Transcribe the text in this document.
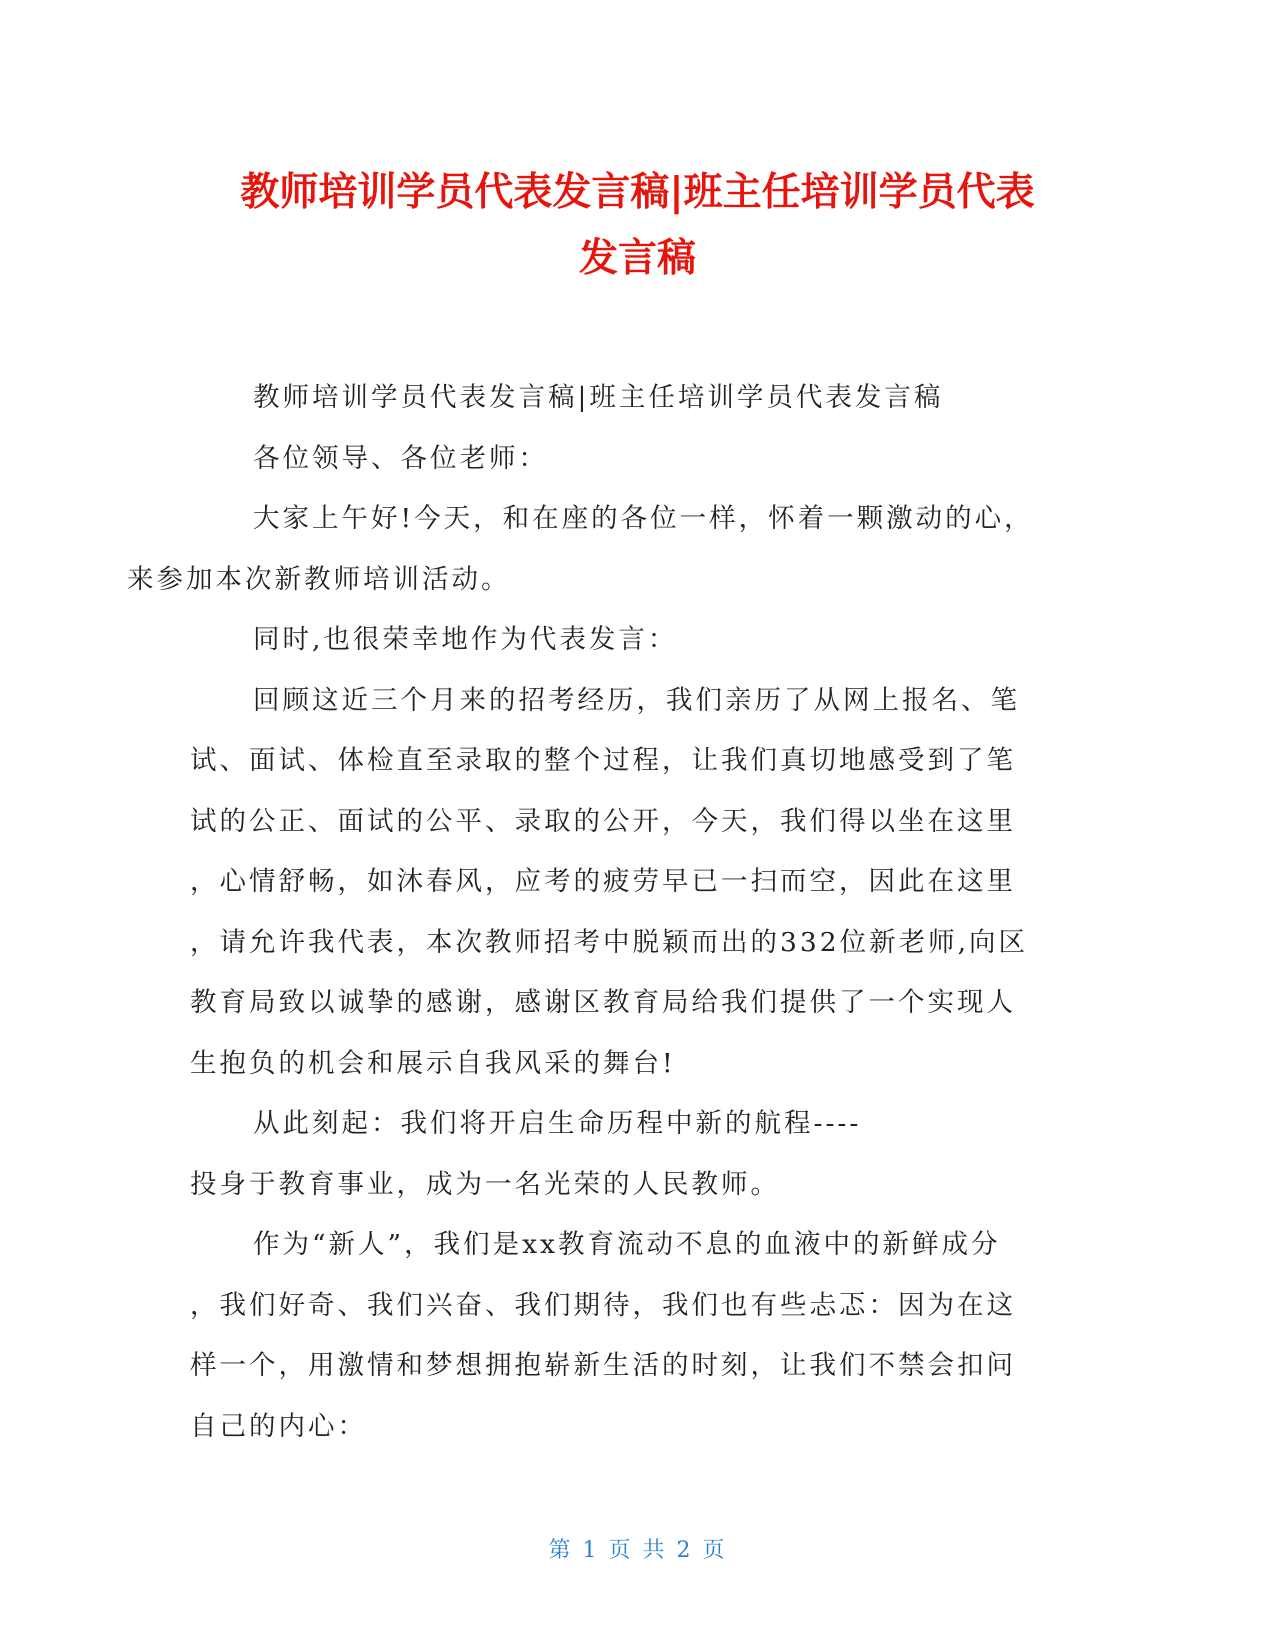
教师培训学员代表发言稿|班主任培训学员代表
发言稿

教师培训学员代表发言稿|班主任培训学员代表发言稿

各位领导、各位老师：

大家上午好!今天，和在座的各位一样，怀着一颗激动的心，
来参加本次新教师培训活动。

同时,也很荣幸地作为代表发言：

回顾这近三个月来的招考经历，我们亲历了从网上报名、笔
试、面试、体检直至录取的整个过程，让我们真切地感受到了笔
试的公正、面试的公平、录取的公开，今天，我们得以坐在这里
，心情舒畅，如沐春风，应考的疲劳早已一扫而空，因此在这里
，请允许我代表，本次教师招考中脱颖而出的332位新老师,向区
教育局致以诚挚的感谢，感谢区教育局给我们提供了一个实现人
生抱负的机会和展示自我风采的舞台!

从此刻起：我们将开启生命历程中新的航程----
投身于教育事业，成为一名光荣的人民教师。

作为“新人”，我们是xx教育流动不息的血液中的新鲜成分
，我们好奇、我们兴奋、我们期待，我们也有些忐忑：因为在这
样一个，用激情和梦想拥抱崭新生活的时刻，让我们不禁会扣问
自己的内心：

第 1 页 共 2 页
